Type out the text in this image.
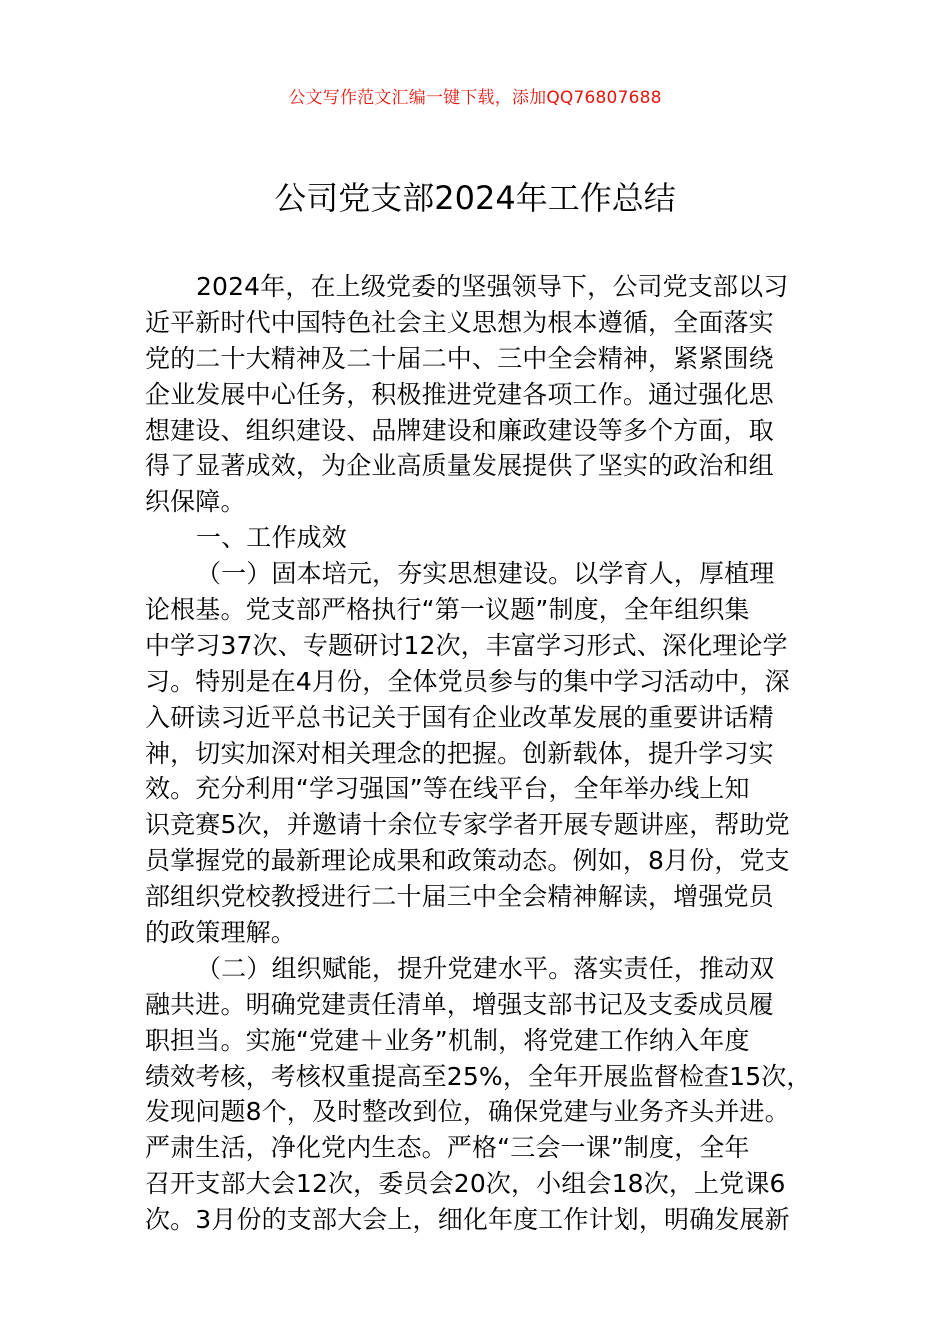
公文写作范文汇编一键下载，添加QQ76807688
公司党支部2024年工作总结
2024年，在上级党委的坚强领导下，公司党支部以习
近平新时代中国特色社会主义思想为根本遵循，全面落实
党的二十大精神及二十届二中、三中全会精神，紧紧围绕
企业发展中心任务，积极推进党建各项工作。通过强化思
想建设、组织建设、品牌建设和廉政建设等多个方面，取
得了显著成效，为企业高质量发展提供了坚实的政治和组
织保障。
一、工作成效
（一）固本培元，夯实思想建设。以学育人，厚植理
论根基。党支部严格执行“第一议题”制度，全年组织集
中学习37次、专题研讨12次，丰富学习形式、深化理论学
习。特别是在4月份，全体党员参与的集中学习活动中，深
入研读习近平总书记关于国有企业改革发展的重要讲话精
神，切实加深对相关理念的把握。创新载体，提升学习实
效。充分利用“学习强国”等在线平台，全年举办线上知
识竞赛5次，并邀请十余位专家学者开展专题讲座，帮助党
员掌握党的最新理论成果和政策动态。例如，8月份，党支
部组织党校教授进行二十届三中全会精神解读，增强党员
的政策理解。
（二）组织赋能，提升党建水平。落实责任，推动双
融共进。明确党建责任清单，增强支部书记及支委成员履
职担当。实施“党建＋业务”机制，将党建工作纳入年度
绩效考核，考核权重提高至25%，全年开展监督检查15次，
发现问题8个，及时整改到位，确保党建与业务齐头并进。
严肃生活，净化党内生态。严格“三会一课”制度，全年
召开支部大会12次，委员会20次，小组会18次，上党课6
次。3月份的支部大会上，细化年度工作计划，明确发展新
